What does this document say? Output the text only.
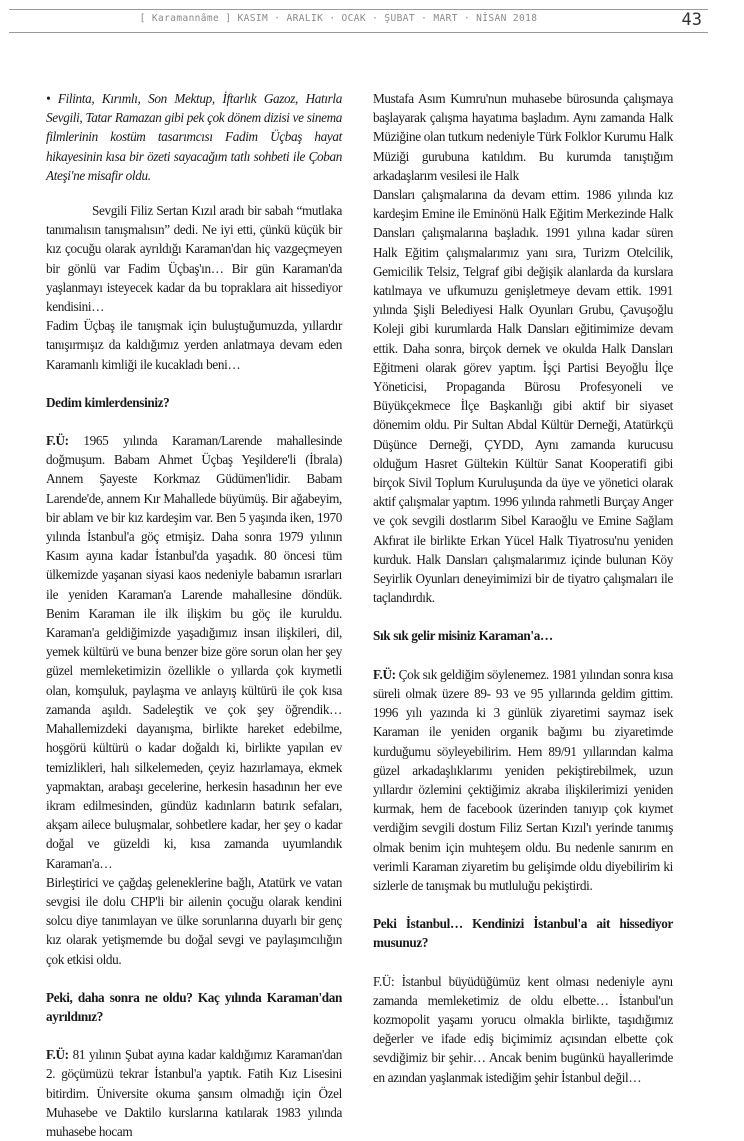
[ Karamannâme ] KASIM · ARALIK · OCAK · ŞUBAT · MART · NİSAN 2018	43

• Filinta, Kırımlı, Son Mektup, İftarlık Gazoz, Hatırla Sevgili, Tatar Ramazan gibi pek çok dönem dizisi ve sinema filmlerinin kostüm tasarımcısı Fadim Üçbaş hayat hikayesinin kısa bir özeti sayacağım tatlı sohbeti ile Çoban Ateşi'ne misafir oldu.

Sevgili Filiz Sertan Kızıl aradı bir sabah “mutlaka tanımalısın tanışmalısın” dedi. Ne iyi etti, çünkü küçük bir kız çocuğu olarak ayrıldığı Karaman'dan hiç vazgeçmeyen bir gönlü var Fadim Üçbaş'ın… Bir gün Karaman'da yaşlanmayı isteyecek kadar da bu topraklara ait hissediyor kendisini…

Fadim Üçbaş ile tanışmak için buluştuğumuzda, yıllardır tanışırmışız da kaldığımız yerden anlatmaya devam eden Karamanlı kimliği ile kucakladı beni…

Dedim kimlerdensiniz?

F.Ü: 1965 yılında Karaman/Larende mahallesinde doğmuşum. Babam Ahmet Üçbaş Yeşildere'li (İbrala) Annem Şayeste Korkmaz Güdümen'lidir. Babam Larende'de, annem Kır Mahallede büyümüş. Bir ağabeyim, bir ablam ve bir kız kardeşim var. Ben 5 yaşında iken, 1970 yılında İstanbul'a göç etmişiz. Daha sonra 1979 yılının Kasım ayına kadar İstanbul'da yaşadık. 80 öncesi tüm ülkemizde yaşanan siyasi kaos nedeniyle babamın ısrarları ile yeniden Karaman'a Larende mahallesine döndük. Benim Karaman ile ilk ilişkim bu göç ile kuruldu. Karaman'a geldiğimizde yaşadığımız insan ilişkileri, dil, yemek kültürü ve buna benzer bize göre sorun olan her şey güzel memleketimizin özellikle o yıllarda çok kıymetli olan, komşuluk, paylaşma ve anlayış kültürü ile çok kısa zamanda aşıldı. Sadeleştik ve çok şey öğrendik… Mahallemizdeki dayanışma, birlikte hareket edebilme, hoşgörü kültürü o kadar doğaldı ki, birlikte yapılan ev temizlikleri, halı silkelemeden, çeyiz hazırlamaya, ekmek yapmaktan, arabaşı gecelerine, herkesin hasadının her eve ikram edilmesinden, gündüz kadınların batırık sefaları, akşam ailece buluşmalar, sohbetlere kadar, her şey o kadar doğal ve güzeldi ki, kısa zamanda uyumlandık Karaman'a…

Birleştirici ve çağdaş geleneklerine bağlı, Atatürk ve vatan sevgisi ile dolu CHP'li bir ailenin çocuğu olarak kendini solcu diye tanımlayan ve ülke sorunlarına duyarlı bir genç kız olarak yetişmemde bu doğal sevgi ve paylaşımcılığın çok etkisi oldu.

Peki, daha sonra ne oldu? Kaç yılında Karaman'dan ayrıldınız?

F.Ü: 81 yılının Şubat ayına kadar kaldığımız Karaman'dan 2. göçümüzü tekrar İstanbul'a yaptık. Fatih Kız Lisesini bitirdim. Üniversite okuma şansım olmadığı için Özel Muhasebe ve Daktilo kurslarına katılarak 1983 yılında muhasebe hocam

Mustafa Asım Kumru'nun muhasebe bürosunda çalışmaya başlayarak çalışma hayatıma başladım. Aynı zamanda Halk Müziğine olan tutkum nedeniyle Türk Folklor Kurumu Halk Müziği gurubuna katıldım. Bu kurumda tanıştığım arkadaşlarım vesilesi ile Halk

Dansları çalışmalarına da devam ettim. 1986 yılında kız kardeşim Emine ile Eminönü Halk Eğitim Merkezinde Halk Dansları çalışmalarına başladık. 1991 yılına kadar süren Halk Eğitim çalışmalarımız yanı sıra, Turizm Otelcilik, Gemicilik Telsiz, Telgraf gibi değişik alanlarda da kurslara katılmaya ve ufkumuzu genişletmeye devam ettik. 1991 yılında Şişli Belediyesi Halk Oyunları Grubu, Çavuşoğlu Koleji gibi kurumlarda Halk Dansları eğitimimize devam ettik. Daha sonra, birçok dernek ve okulda Halk Dansları Eğitmeni olarak görev yaptım. İşçi Partisi Beyoğlu İlçe Yöneticisi, Propaganda Bürosu Profesyoneli ve Büyükçekmece İlçe Başkanlığı gibi aktif bir siyaset dönemim oldu. Pir Sultan Abdal Kültür Derneği, Atatürkçü Düşünce Derneği, ÇYDD, Aynı zamanda kurucusu olduğum Hasret Gültekin Kültür Sanat Kooperatifi gibi birçok Sivil Toplum Kuruluşunda da üye ve yönetici olarak aktif çalışmalar yaptım. 1996 yılında rahmetli Burçay Anger ve çok sevgili dostlarım Sibel Karaoğlu ve Emine Sağlam Akfırat ile birlikte Erkan Yücel Halk Tiyatrosu'nu yeniden kurduk. Halk Dansları çalışmalarımız içinde bulunan Köy Seyirlik Oyunları deneyimimizi bir de tiyatro çalışmaları ile taçlandırdık.

Sık sık gelir misiniz Karaman'a…

F.Ü: Çok sık geldiğim söylenemez. 1981 yılından sonra kısa süreli olmak üzere 89- 93 ve 95 yıllarında geldim gittim. 1996 yılı yazında ki 3 günlük ziyaretimi saymaz isek Karaman ile yeniden organik bağımı bu ziyaretimde kurduğumu söyleyebilirim. Hem 89/91 yıllarından kalma güzel arkadaşlıklarımı yeniden pekiştirebilmek, uzun yıllardır özlemini çektiğimiz akraba ilişkilerimizi yeniden kurmak, hem de facebook üzerinden tanıyıp çok kıymet verdiğim sevgili dostum Filiz Sertan Kızıl'ı yerinde tanımış olmak benim için muhteşem oldu. Bu nedenle sanırım en verimli Karaman ziyaretim bu gelişimde oldu diyebilirim ki sizlerle de tanışmak bu mutluluğu pekiştirdi.

Peki İstanbul… Kendinizi İstanbul'a ait hissediyor musunuz?

F.Ü: İstanbul büyüdüğümüz kent olması nedeniyle aynı zamanda memleketimiz de oldu elbette… İstanbul'un kozmopolit yaşamı yorucu olmakla birlikte, taşıdığımız değerler ve ifade ediş biçimimiz açısından elbette çok sevdiğimiz bir şehir… Ancak benim bugünkü hayallerimde en azından yaşlanmak istediğim şehir İstanbul değil…
